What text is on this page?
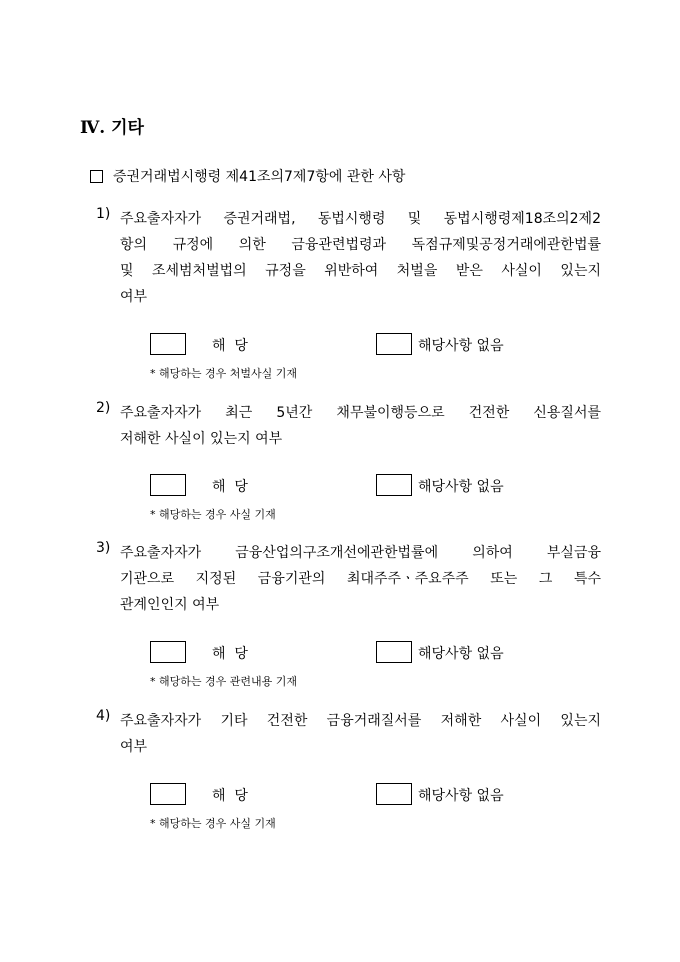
Ⅳ. 기타
증권거래법시행령 제41조의7제7항에 관한 사항
1) 주요출자자가 증권거래법, 동법시행령 및 동법시행령제18조의2제2
항의 규정에 의한 금융관련법령과 독점규제및공정거래에관한법률
및 조세범처벌법의 규정을 위반하여 처벌을 받은 사실이 있는지
여부
해  당	해당사항 없음
* 해당하는 경우 처벌사실 기재
2) 주요출자자가 최근 5년간 채무불이행등으로 건전한 신용질서를
저해한 사실이 있는지 여부
해  당	해당사항 없음
* 해당하는 경우 사실 기재
3) 주요출자자가 금융산업의구조개선에관한법률에 의하여 부실금융
기관으로 지정된 금융기관의 최대주주ㆍ주요주주 또는 그 특수
관계인인지 여부
해  당	해당사항 없음
* 해당하는 경우 관련내용 기재
4) 주요출자자가 기타 건전한 금융거래질서를 저해한 사실이 있는지
여부
해  당	해당사항 없음
* 해당하는 경우 사실 기재
